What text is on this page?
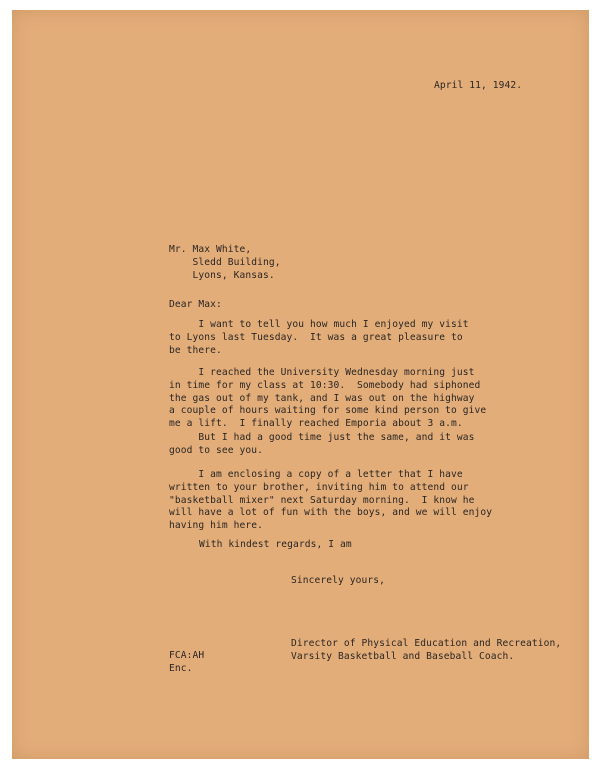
April 11, 1942.
Mr. Max White,
Sledd Building,
Lyons, Kansas.
Dear Max:
I want to tell you how much I enjoyed my visit
to Lyons last Tuesday.  It was a great pleasure to
be there.
I reached the University Wednesday morning just
in time for my class at 10:30.  Somebody had siphoned
the gas out of my tank, and I was out on the highway
a couple of hours waiting for some kind person to give
me a lift.  I finally reached Emporia about 3 a.m.
But I had a good time just the same, and it was
good to see you.
I am enclosing a copy of a letter that I have
written to your brother, inviting him to attend our
"basketball mixer" next Saturday morning.  I know he
will have a lot of fun with the boys, and we will enjoy
having him here.
With kindest regards, I am
Sincerely yours,
Director of Physical Education and Recreation,
Varsity Basketball and Baseball Coach.
FCA:AH
Enc.
